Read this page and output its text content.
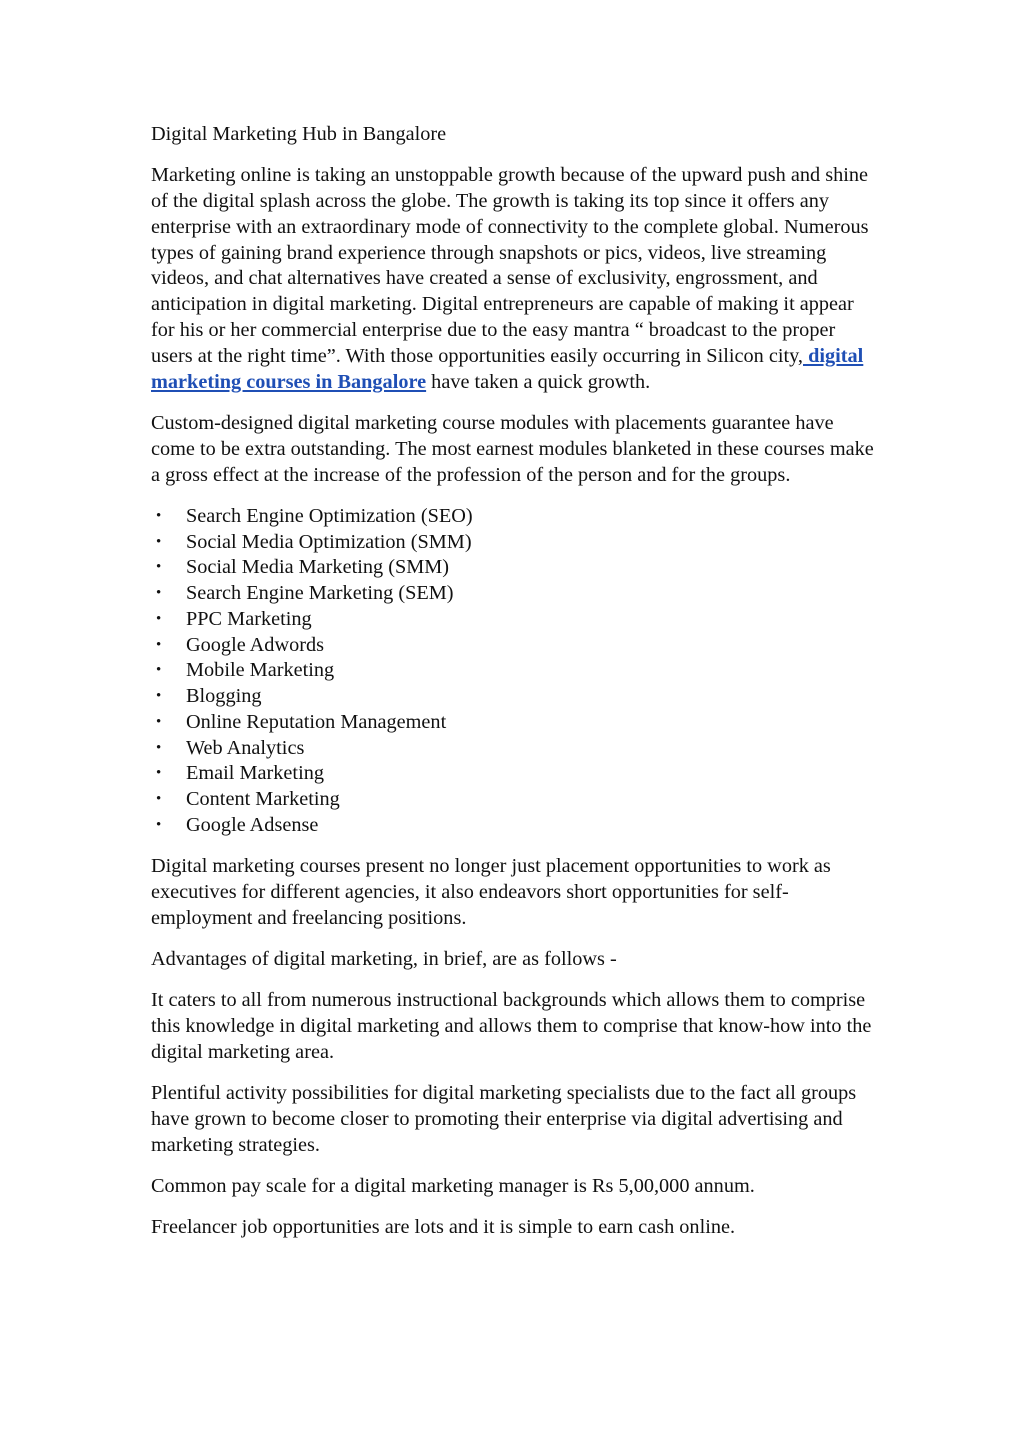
Digital Marketing Hub in Bangalore

Marketing online is taking an unstoppable growth because of the upward push and shine of the digital splash across the globe. The growth is taking its top since it offers any enterprise with an extraordinary mode of connectivity to the complete global. Numerous types of gaining brand experience through snapshots or pics, videos, live streaming videos, and chat alternatives have created a sense of exclusivity, engrossment, and anticipation in digital marketing. Digital entrepreneurs are capable of making it appear for his or her commercial enterprise due to the easy mantra “ broadcast to the proper users at the right time”. With those opportunities easily occurring in Silicon city, digital marketing courses in Bangalore have taken a quick growth.

Custom-designed digital marketing course modules with placements guarantee have come to be extra outstanding. The most earnest modules blanketed in these courses make a gross effect at the increase of the profession of the person and for the groups.

• Search Engine Optimization (SEO)
• Social Media Optimization (SMM)
• Social Media Marketing (SMM)
• Search Engine Marketing (SEM)
• PPC Marketing
• Google Adwords
• Mobile Marketing
• Blogging
• Online Reputation Management
• Web Analytics
• Email Marketing
• Content Marketing
• Google Adsense

Digital marketing courses present no longer just placement opportunities to work as executives for different agencies, it also endeavors short opportunities for self-employment and freelancing positions.

Advantages of digital marketing, in brief, are as follows -

It caters to all from numerous instructional backgrounds which allows them to comprise this knowledge in digital marketing and allows them to comprise that know-how into the digital marketing area.

Plentiful activity possibilities for digital marketing specialists due to the fact all groups have grown to become closer to promoting their enterprise via digital advertising and marketing strategies.

Common pay scale for a digital marketing manager is Rs 5,00,000 annum.

Freelancer job opportunities are lots and it is simple to earn cash online.
